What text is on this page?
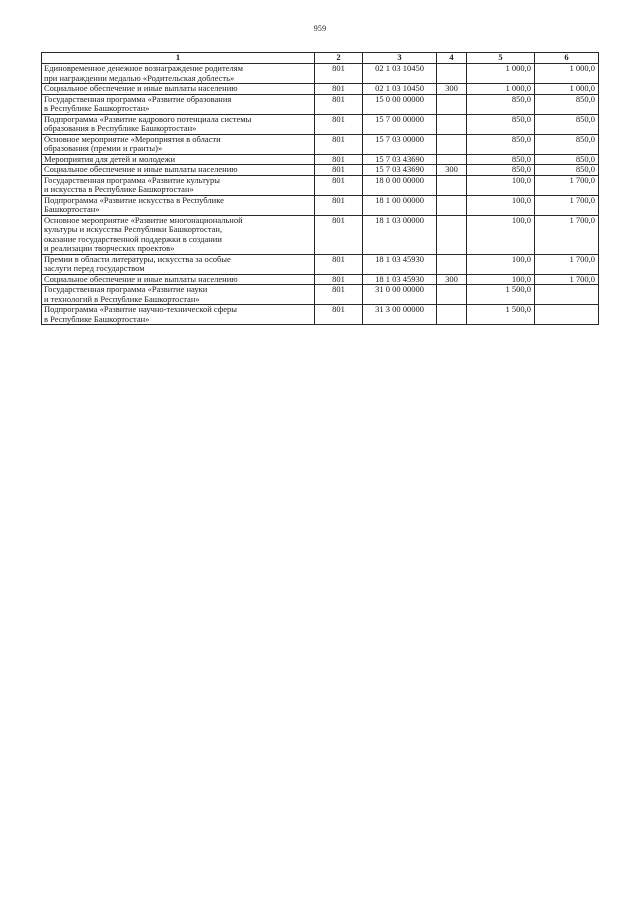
959
1	2	3	4	5	6
Единовременное денежное вознаграждение родителям
при награждении медалью «Родительская доблесть»	801	02 1 03 10450		1 000,0	1 000,0
Социальное обеспечение и иные выплаты населению	801	02 1 03 10450	300	1 000,0	1 000,0
Государственная программа «Развитие образования
в Республике Башкортостан»	801	15 0 00 00000		850,0	850,0
Подпрограмма «Развитие кадрового потенциала системы
образования в Республике Башкортостан»	801	15 7 00 00000		850,0	850,0
Основное мероприятие «Мероприятия в области
образования (премии и гранты)»	801	15 7 03 00000		850,0	850,0
Мероприятия для детей и молодежи	801	15 7 03 43690		850,0	850,0
Социальное обеспечение и иные выплаты населению	801	15 7 03 43690	300	850,0	850,0
Государственная программа «Развитие культуры
и искусства в Республике Башкортостан»	801	18 0 00 00000		100,0	1 700,0
Подпрограмма «Развитие искусства в Республике
Башкортостан»	801	18 1 00 00000		100,0	1 700,0
Основное мероприятие «Развитие многонациональной
культуры и искусства Республики Башкортостан,
оказание государственной поддержки в создании
и реализации творческих проектов»	801	18 1 03 00000		100,0	1 700,0
Премии в области литературы, искусства за особые
заслуги перед государством	801	18 1 03 45930		100,0	1 700,0
Социальное обеспечение и иные выплаты населению	801	18 1 03 45930	300	100,0	1 700,0
Государственная программа «Развитие науки
и технологий в Республике Башкортостан»	801	31 0 00 00000		1 500,0	
Подпрограмма «Развитие научно-технической сферы
в Республике Башкортостан»	801	31 3 00 00000		1 500,0	
